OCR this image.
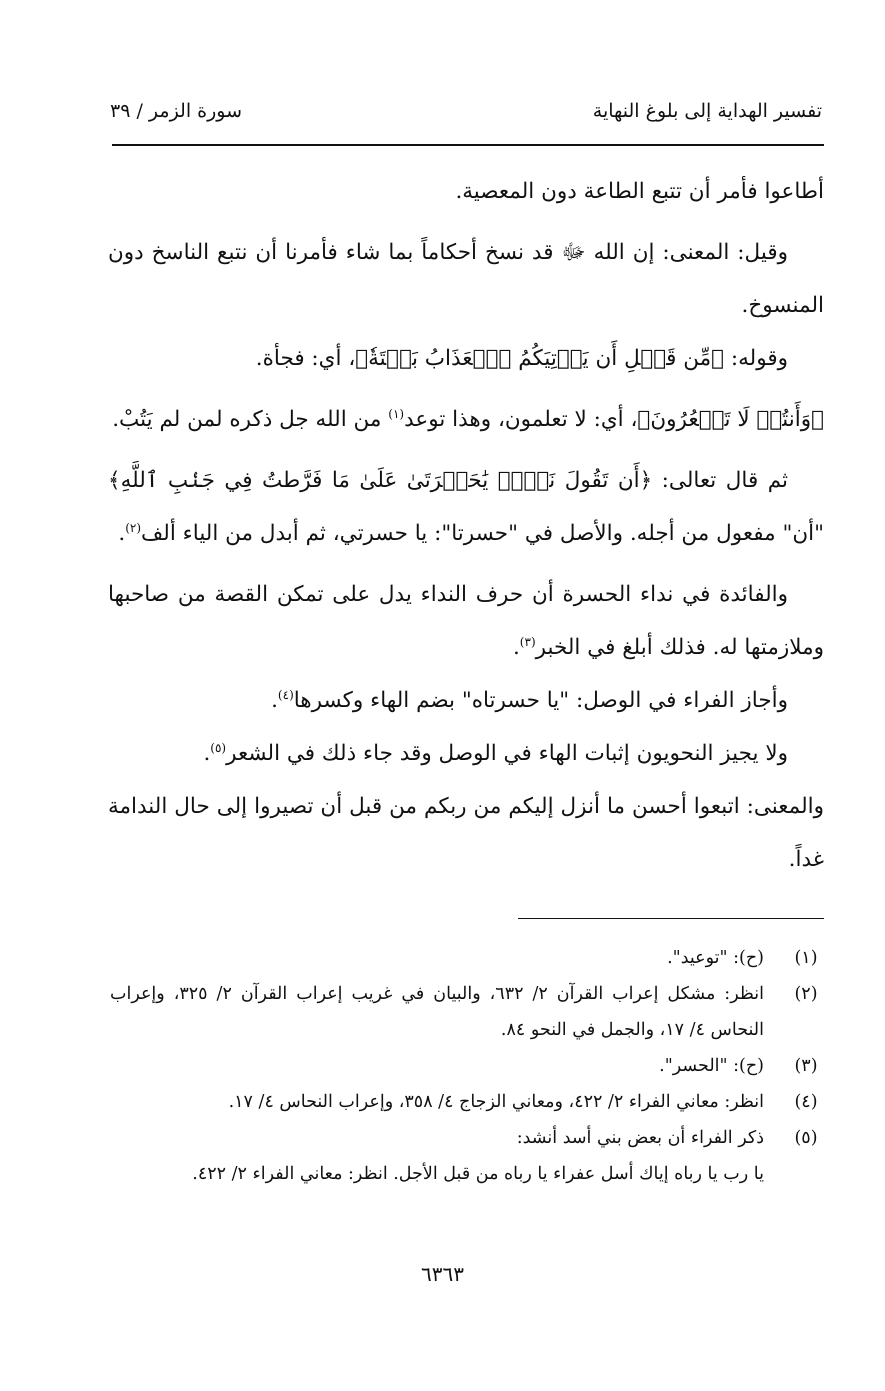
تفسير الهداية إلى بلوغ النهاية
سورة الزمر / ٣٩

أطاعوا فأمر أن تتبع الطاعة دون المعصية.

وقيل: المعنى: إن الله ﷻ قد نسخ أحكاماً بما شاء فأمرنا أن نتبع الناسخ دون المنسوخ.

وقوله: ﴿مِّن قَبۡلِ أَن يَأۡتِيَكُمُ ٱلۡعَذَابُ بَغۡتَةٗ﴾، أي: فجأة.

﴿وَأَنتُمۡ لَا تَشۡعُرُونَ﴾، أي: لا تعلمون، وهذا توعد$^{(١)}$ من الله جل ذكره لمن لم يَتُبْ.

ثم قال تعالى: ﴿أَن تَقُولَ نَفۡسٞ يَٰحَسۡرَتَىٰ عَلَىٰ مَا فَرَّطتُ فِي جَنۢبِ ٱللَّهِ﴾ "أن" مفعول من أجله. والأصل في "حسرتا": يا حسرتي، ثم أبدل من الياء ألف$^{(٢)}$.

والفائدة في نداء الحسرة أن حرف النداء يدل على تمكن القصة من صاحبها وملازمتها له. فذلك أبلغ في الخبر$^{(٣)}$.

وأجاز الفراء في الوصل: "يا حسرتاه" بضم الهاء وكسرها$^{(٤)}$.

ولا يجيز النحويون إثبات الهاء في الوصل وقد جاء ذلك في الشعر$^{(٥)}$.

والمعنى: اتبعوا أحسن ما أنزل إليكم من ربكم من قبل أن تصيروا إلى حال الندامة غداً.

(١)
(ح): "توعيد".
(٢)
انظر: مشكل إعراب القرآن ٢/ ٦٣٢، والبيان في غريب إعراب القرآن ٢/ ٣٢٥، وإعراب النحاس ٤/ ١٧، والجمل في النحو ٨٤.
(٣)
(ح): "الحسر".
(٤)
انظر: معاني الفراء ٢/ ٤٢٢، ومعاني الزجاج ٤/ ٣٥٨، وإعراب النحاس ٤/ ١٧.
(٥)
ذكر الفراء أن بعض بني أسد أنشد:
يا رب يا رباه إياك أسل عفراء يا رباه من قبل الأجل. انظر: معاني الفراء ٢/ ٤٢٢.
٦٣٦٣
